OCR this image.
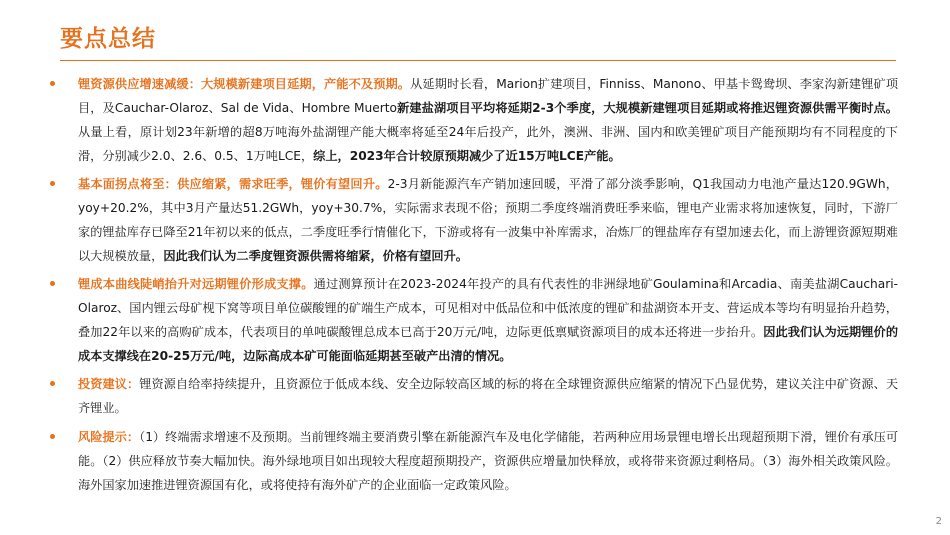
要点总结

锂资源供应增速减缓：大规模新建项目延期，产能不及预期。从延期时长看，Marion扩建项目，Finniss、Manono、甲基卡鸳鸯坝、李家沟新建锂矿项目，及Cauchar-Olaroz、Sal de Vida、Hombre Muerto新建盐湖项目平均将延期2-3个季度，大规模新建锂项目延期或将推迟锂资源供需平衡时点。从量上看，原计划23年新增的超8万吨海外盐湖锂产能大概率将延至24年后投产，此外，澳洲、非洲、国内和欧美锂矿项目产能预期均有不同程度的下滑，分别减少2.0、2.6、0.5、1万吨LCE，综上，2023年合计较原预期减少了近15万吨LCE产能。

基本面拐点将至：供应缩紧，需求旺季，锂价有望回升。2-3月新能源汽车产销加速回暖，平滑了部分淡季影响，Q1我国动力电池产量达120.9GWh，yoy+20.2%，其中3月产量达51.2GWh，yoy+30.7%，实际需求表现不俗；预期二季度终端消费旺季来临，锂电产业需求将加速恢复，同时，下游厂家的锂盐库存已降至21年初以来的低点，二季度旺季行情催化下，下游或将有一波集中补库需求，冶炼厂的锂盐库存有望加速去化，而上游锂资源短期难以大规模放量，因此我们认为二季度锂资源供需将缩紧，价格有望回升。

锂成本曲线陡峭抬升对远期锂价形成支撑。通过测算预计在2023-2024年投产的具有代表性的非洲绿地矿Goulamina和Arcadia、南美盐湖Cauchari-Olaroz、国内锂云母矿枧下窝等项目单位碳酸锂的矿端生产成本，可见相对中低品位和中低浓度的锂矿和盐湖资本开支、营运成本等均有明显抬升趋势，叠加22年以来的高购矿成本，代表项目的单吨碳酸锂总成本已高于20万元/吨，边际更低禀赋资源项目的成本还将进一步抬升。因此我们认为远期锂价的成本支撑线在20-25万元/吨，边际高成本矿可能面临延期甚至破产出清的情况。

投资建议：锂资源自给率持续提升，且资源位于低成本线、安全边际较高区域的标的将在全球锂资源供应缩紧的情况下凸显优势，建议关注中矿资源、天齐锂业。

风险提示：（1）终端需求增速不及预期。当前锂终端主要消费引擎在新能源汽车及电化学储能，若两种应用场景锂电增长出现超预期下滑，锂价有承压可能。（2）供应释放节奏大幅加快。海外绿地项目如出现较大程度超预期投产，资源供应增量加快释放，或将带来资源过剩格局。（3）海外相关政策风险。海外国家加速推进锂资源国有化，或将使持有海外矿产的企业面临一定政策风险。

2
